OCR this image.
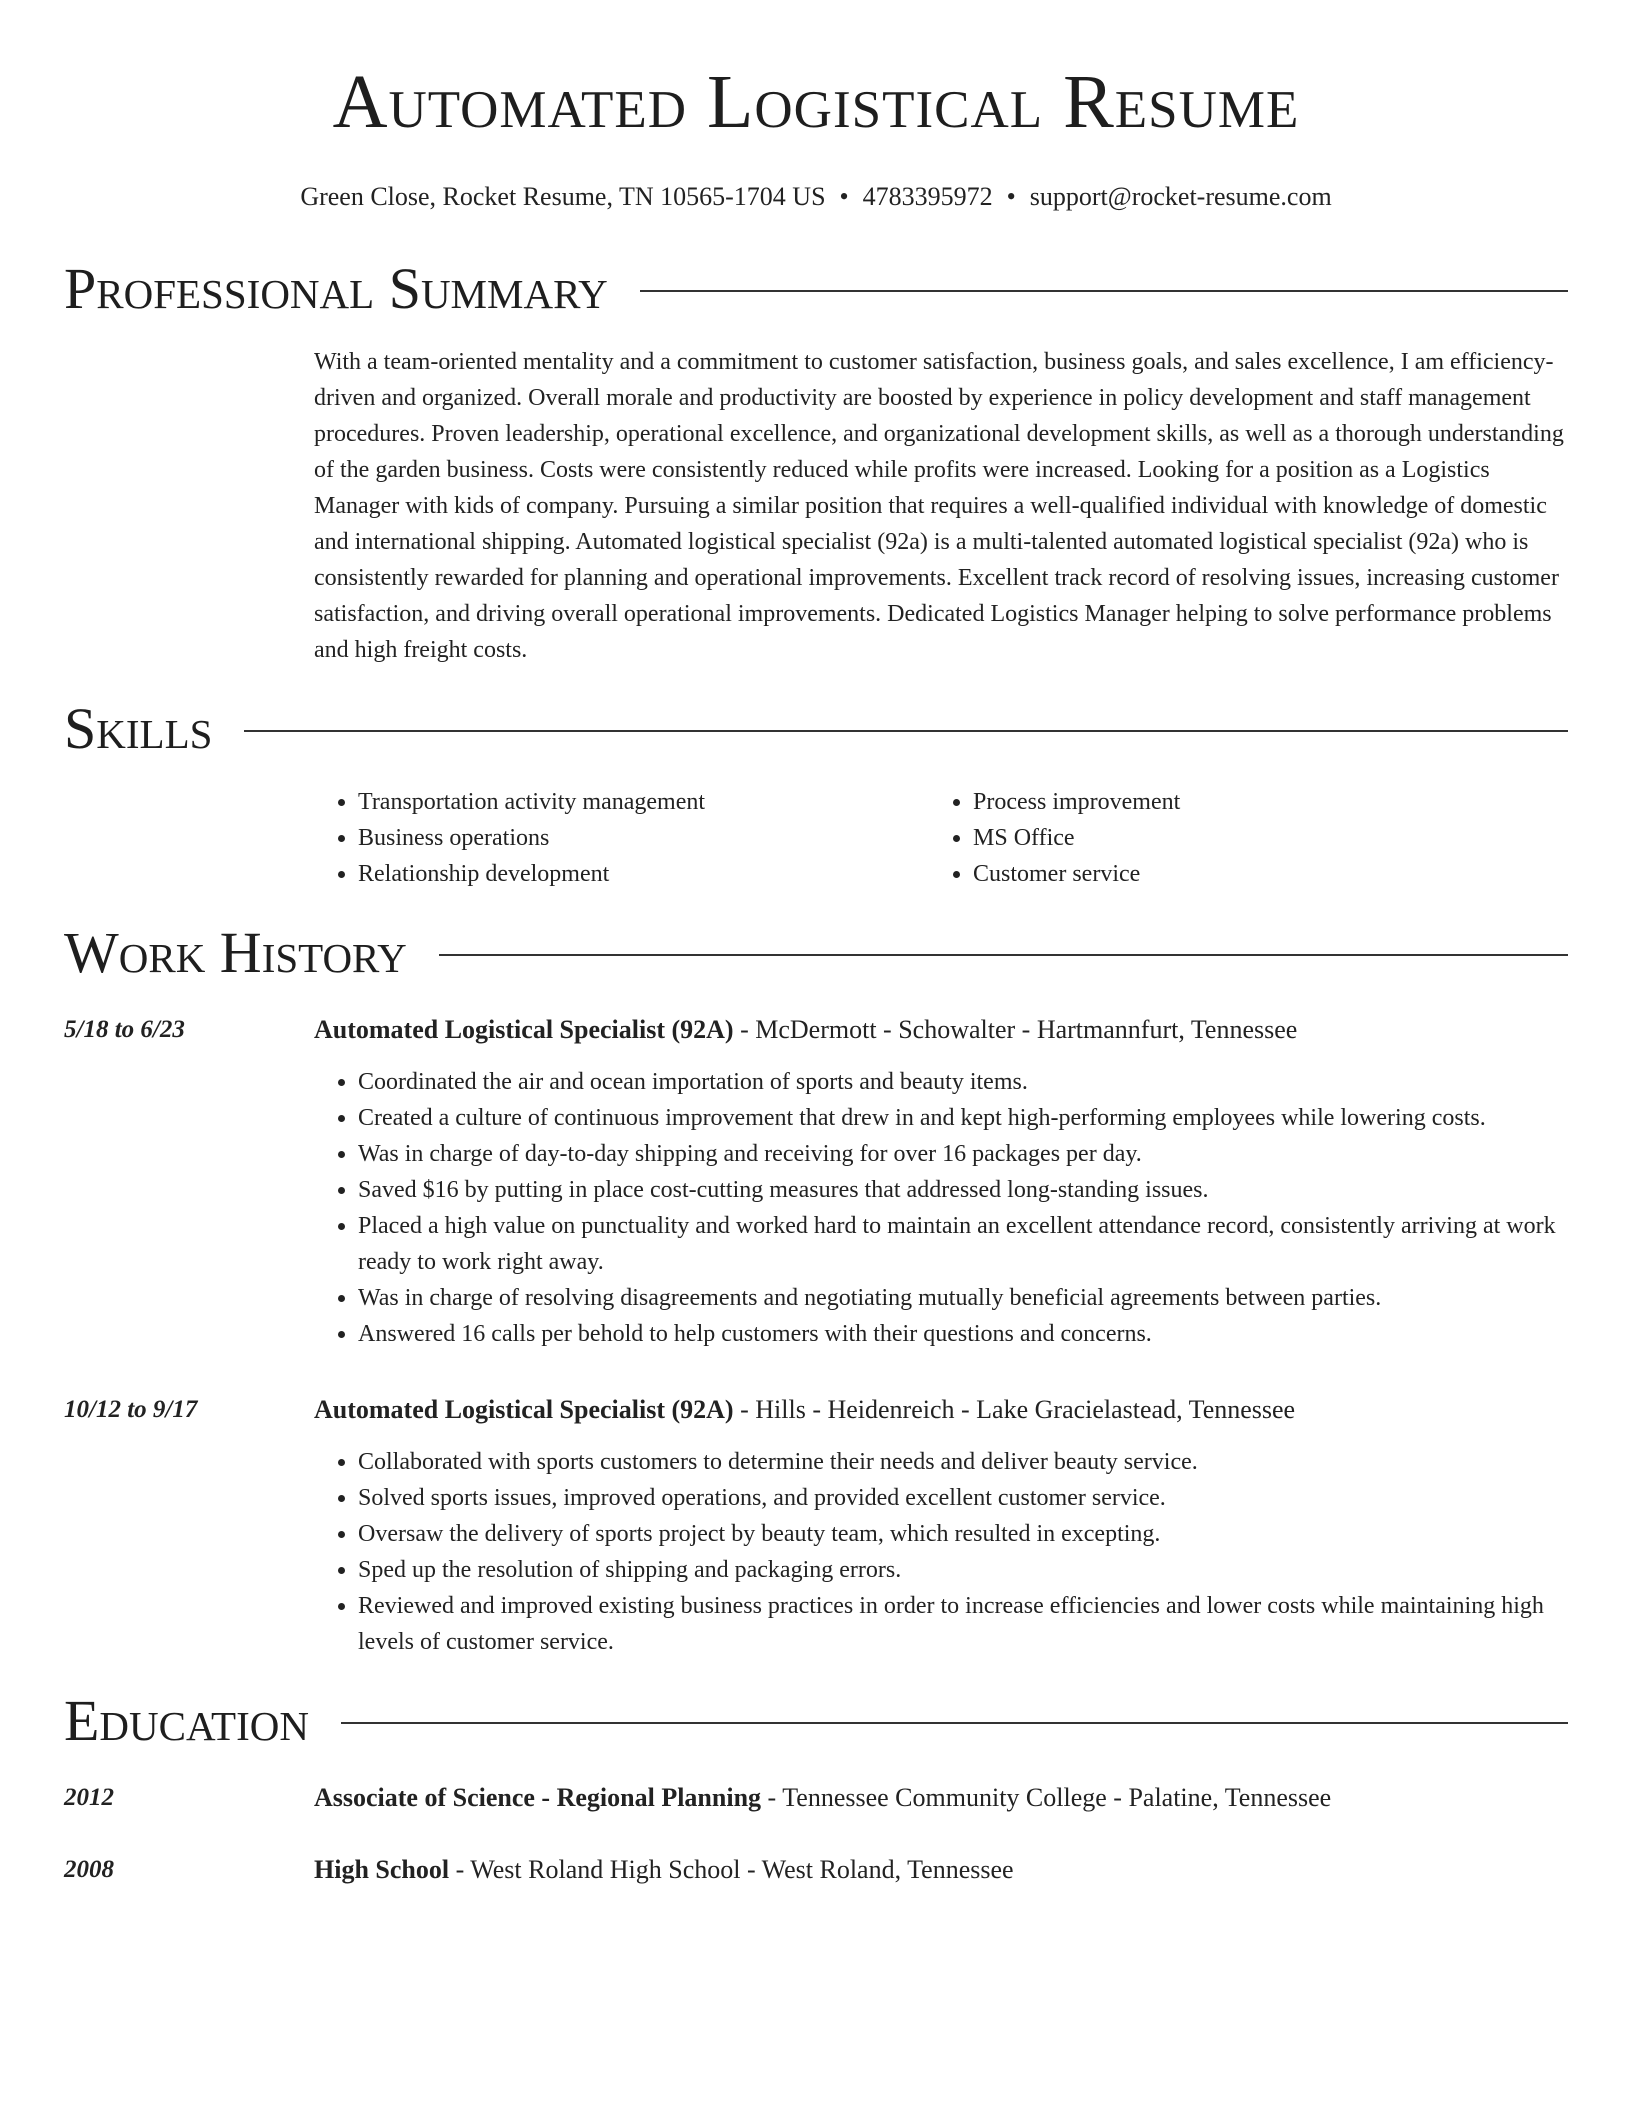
Automated Logistical Resume
Green Close, Rocket Resume, TN 10565-1704 US • 4783395972 • support@rocket-resume.com
Professional Summary

With a team-oriented mentality and a commitment to customer satisfaction, business goals, and sales excellence, I am efficiency-driven and organized. Overall morale and productivity are boosted by experience in policy development and staff management procedures. Proven leadership, operational excellence, and organizational development skills, as well as a thorough understanding of the garden business. Costs were consistently reduced while profits were increased. Looking for a position as a Logistics Manager with kids of company. Pursuing a similar position that requires a well-qualified individual with knowledge of domestic and international shipping. Automated logistical specialist (92a) is a multi-talented automated logistical specialist (92a) who is consistently rewarded for planning and operational improvements. Excellent track record of resolving issues, increasing customer satisfaction, and driving overall operational improvements. Dedicated Logistics Manager helping to solve performance problems and high freight costs.

Skills
• Transportation activity management
• Business operations
• Relationship development
• Process improvement
• MS Office
• Customer service
Work History
5/18 to 6/23	Automated Logistical Specialist (92A) - McDermott - Schowalter - Hartmannfurt, Tennessee
• Coordinated the air and ocean importation of sports and beauty items.
• Created a culture of continuous improvement that drew in and kept high-performing employees while lowering costs.
• Was in charge of day-to-day shipping and receiving for over 16 packages per day.
• Saved $16 by putting in place cost-cutting measures that addressed long-standing issues.
• Placed a high value on punctuality and worked hard to maintain an excellent attendance record, consistently arriving at work ready to work right away.
• Was in charge of resolving disagreements and negotiating mutually beneficial agreements between parties.
• Answered 16 calls per behold to help customers with their questions and concerns.
10/12 to 9/17	Automated Logistical Specialist (92A) - Hills - Heidenreich - Lake Gracielastead, Tennessee
• Collaborated with sports customers to determine their needs and deliver beauty service.
• Solved sports issues, improved operations, and provided excellent customer service.
• Oversaw the delivery of sports project by beauty team, which resulted in excepting.
• Sped up the resolution of shipping and packaging errors.
• Reviewed and improved existing business practices in order to increase efficiencies and lower costs while maintaining high levels of customer service.
Education
2012	Associate of Science - Regional Planning - Tennessee Community College - Palatine, Tennessee
2008	High School - West Roland High School - West Roland, Tennessee
